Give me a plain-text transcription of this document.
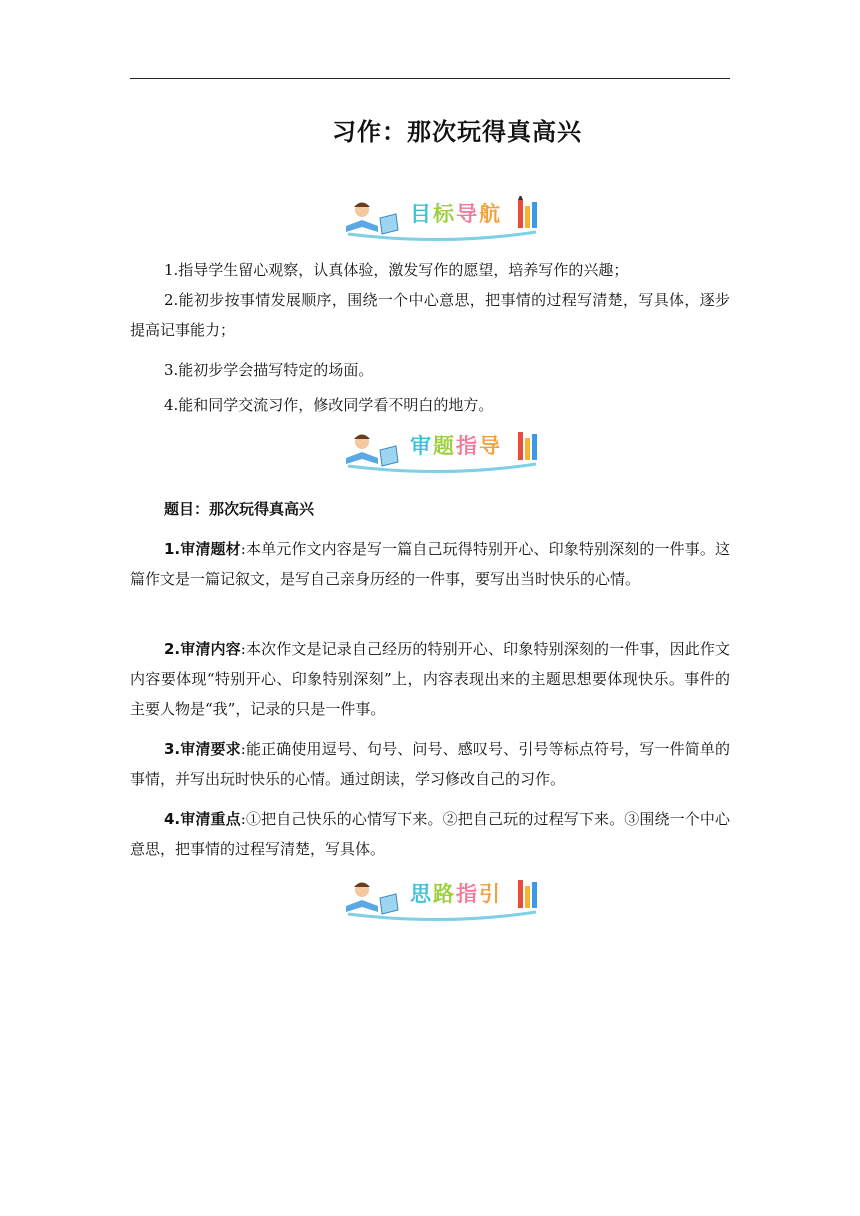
习作：那次玩得真高兴
目标导航

1.指导学生留心观察，认真体验，激发写作的愿望，培养写作的兴趣；

2.能初步按事情发展顺序，围绕一个中心意思，把事情的过程写清楚，写具体，逐步提高记事能力；

3.能初步学会描写特定的场面。

4.能和同学交流习作，修改同学看不明白的地方。

审题指导
题目：那次玩得真高兴

1.审清题材:本单元作文内容是写一篇自己玩得特别开心、印象特别深刻的一件事。这篇作文是一篇记叙文，是写自己亲身历经的一件事，要写出当时快乐的心情。

2.审清内容:本次作文是记录自己经历的特别开心、印象特别深刻的一件事，因此作文内容要体现“特别开心、印象特别深刻”上，内容表现出来的主题思想要体现快乐。事件的主要人物是“我”，记录的只是一件事。

3.审清要求:能正确使用逗号、句号、问号、感叹号、引号等标点符号，写一件简单的事情，并写出玩时快乐的心情。通过朗读，学习修改自己的习作。

4.审清重点:①把自己快乐的心情写下来。②把自己玩的过程写下来。③围绕一个中心意思，把事情的过程写清楚，写具体。

思路指引
